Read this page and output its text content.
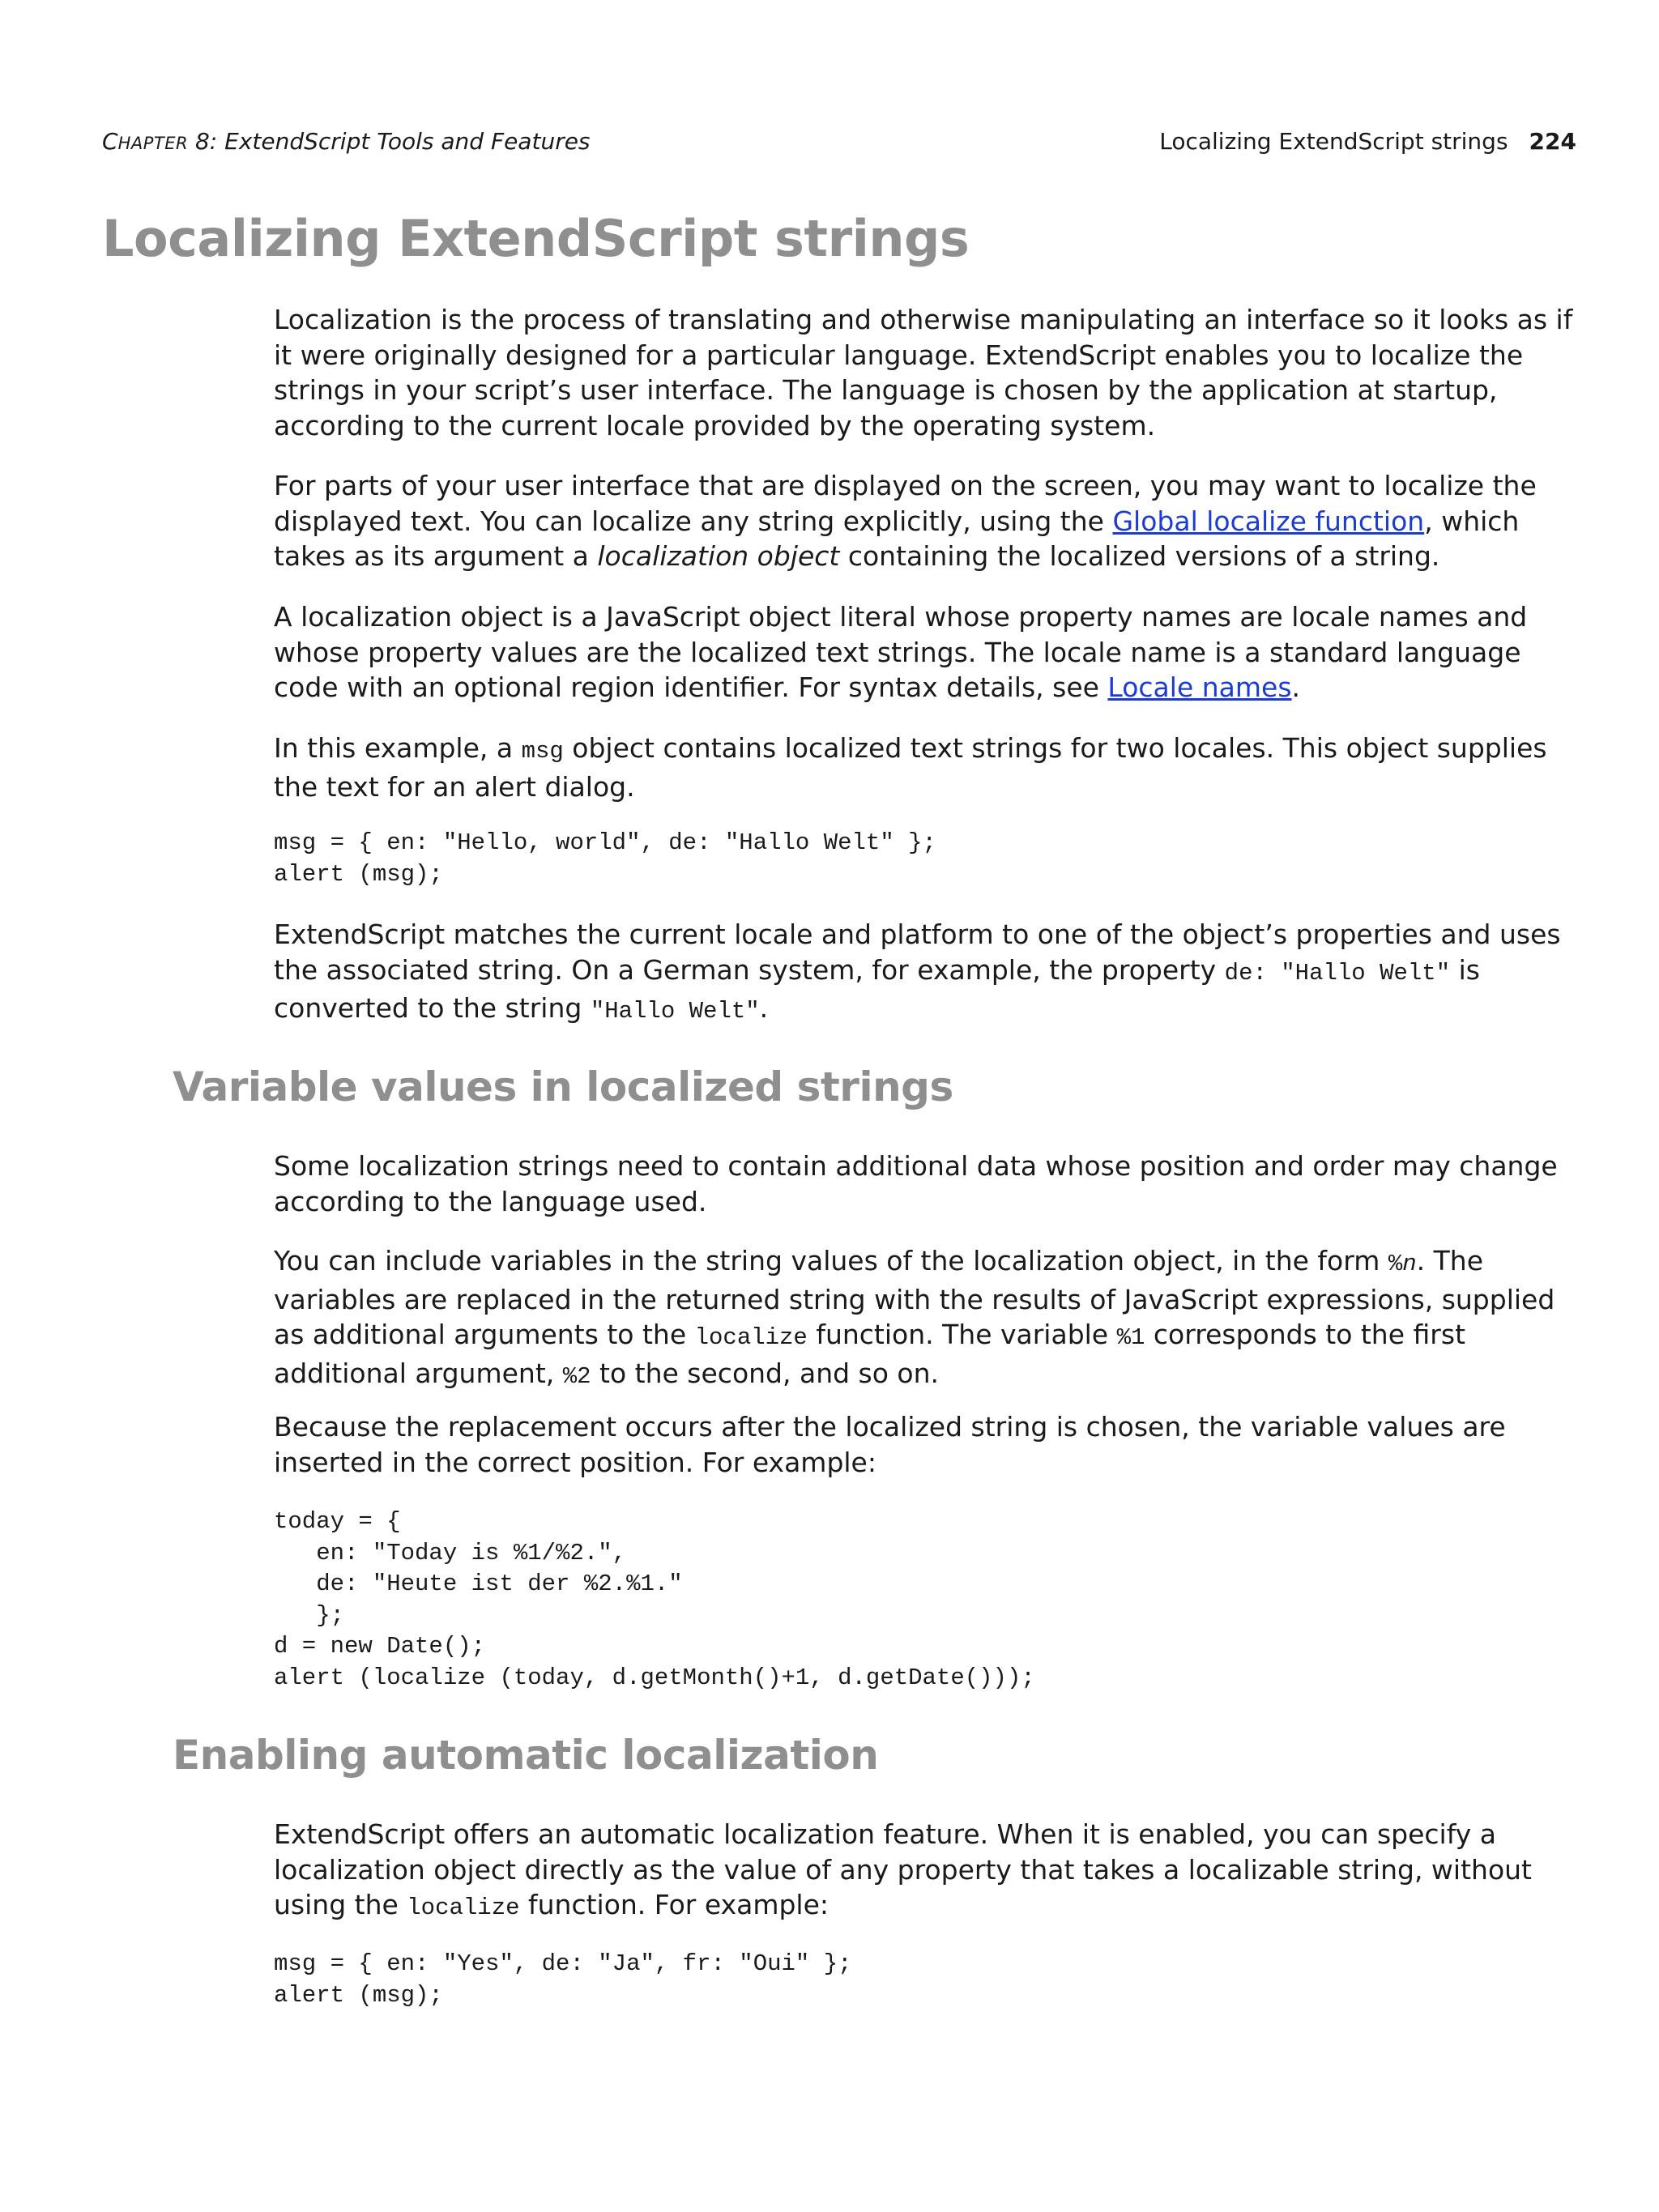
CHAPTER 8: ExtendScript Tools and Features	Localizing ExtendScript strings 224
Localizing ExtendScript strings

Localization is the process of translating and otherwise manipulating an interface so it looks as if it were originally designed for a particular language. ExtendScript enables you to localize the strings in your script’s user interface. The language is chosen by the application at startup, according to the current locale provided by the operating system.

For parts of your user interface that are displayed on the screen, you may want to localize the displayed text. You can localize any string explicitly, using the Global localize function, which takes as its argument a localization object containing the localized versions of a string.

A localization object is a JavaScript object literal whose property names are locale names and whose property values are the localized text strings. The locale name is a standard language code with an optional region identifier. For syntax details, see Locale names.

In this example, a msg object contains localized text strings for two locales. This object supplies the text for an alert dialog.

msg = { en: "Hello, world", de: "Hallo Welt" };
alert (msg);

ExtendScript matches the current locale and platform to one of the object’s properties and uses the associated string. On a German system, for example, the property de: "Hallo Welt" is converted to the string "Hallo Welt".

Variable values in localized strings

Some localization strings need to contain additional data whose position and order may change according to the language used.

You can include variables in the string values of the localization object, in the form %n. The variables are replaced in the returned string with the results of JavaScript expressions, supplied as additional arguments to the localize function. The variable %1 corresponds to the first additional argument, %2 to the second, and so on.

Because the replacement occurs after the localized string is chosen, the variable values are inserted in the correct position. For example:

today = {
en: "Today is %1/%2.",
de: "Heute ist der %2.%1."
};
d = new Date();
alert (localize (today, d.getMonth()+1, d.getDate()));
Enabling automatic localization

ExtendScript offers an automatic localization feature. When it is enabled, you can specify a localization object directly as the value of any property that takes a localizable string, without using the localize function. For example:

msg = { en: "Yes", de: "Ja", fr: "Oui" };
alert (msg);
